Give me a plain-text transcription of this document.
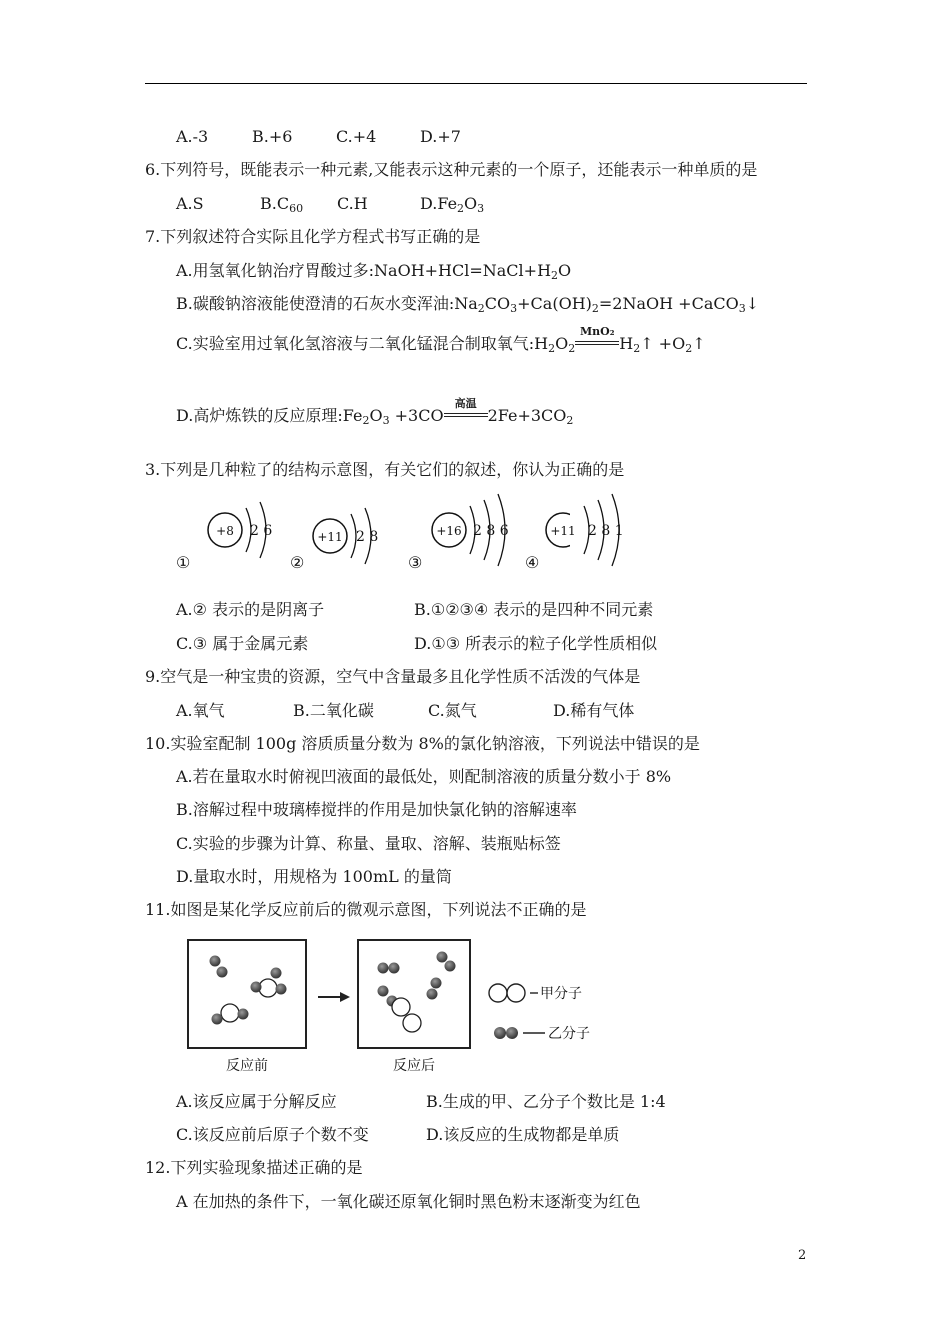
A.-3	B.+6	C.+4	D.+7
6.下列符号，既能表示一种元素,又能表示这种元素的一个原子，还能表示一种单质的是
A.S	$B.C_{60}$ C.H	$D.Fe_2O_3$
7.下列叙述符合实际且化学方程式书写正确的是
A.用氢氧化钠治疗胃酸过多$:NaOH+HCl=NaCl+H_2O$
B.碳酸钠溶液能使澄清的石灰水变浑油$:Na_2CO_3+Ca(OH)_2=2NaOH$ +CaCO$_3$↓
C.实验室用过氧化氢溶液与二氧化锰混合制取氧气$:H_2O_2$
MnO₂
$H_2↑$ $+O_2↑$
D.高炉炼铁的反应原理$:Fe_2O_3 +3CO$
高温
$2Fe+3CO_2$
3.下列是几种粒了的结构示意图，有关它们的叙述，你认为正确的是
①
+8 2 6
②
+11 2 8
③
+16 2 8 6
④
+11 2 8 1
A.② 表示的是阴离子	B.①②③④ 表示的是四种不同元素
C.③ 属于金属元素	D.①③ 所表示的粒子化学性质相似
9.空气是一种宝贵的资源，空气中含量最多且化学性质不活泼的气体是
A.氧气	B.二氧化碳	C.氮气	D.稀有气体
10.实验室配制 100g 溶质质量分数为 8%的氯化钠溶液，下列说法中错误的是
A.若在量取水时俯视凹液面的最低处，则配制溶液的质量分数小于 8%
B.溶解过程中玻璃棒搅拌的作用是加快氯化钠的溶解速率
C.实验的步骤为计算、称量、量取、溶解、装瓶贴标签
D.量取水时，用规格为 100mL 的量筒
11.如图是某化学反应前后的微观示意图，下列说法不正确的是
反应前	反应后
甲分子
乙分子
A.该反应属于分解反应	B.生成的甲、乙分子个数比是 1:4
C.该反应前后原子个数不变	D.该反应的生成物都是单质
12.下列实验现象描述正确的是
A 在加热的条件下，一氧化碳还原氧化铜时黑色粉末逐渐变为红色
2
